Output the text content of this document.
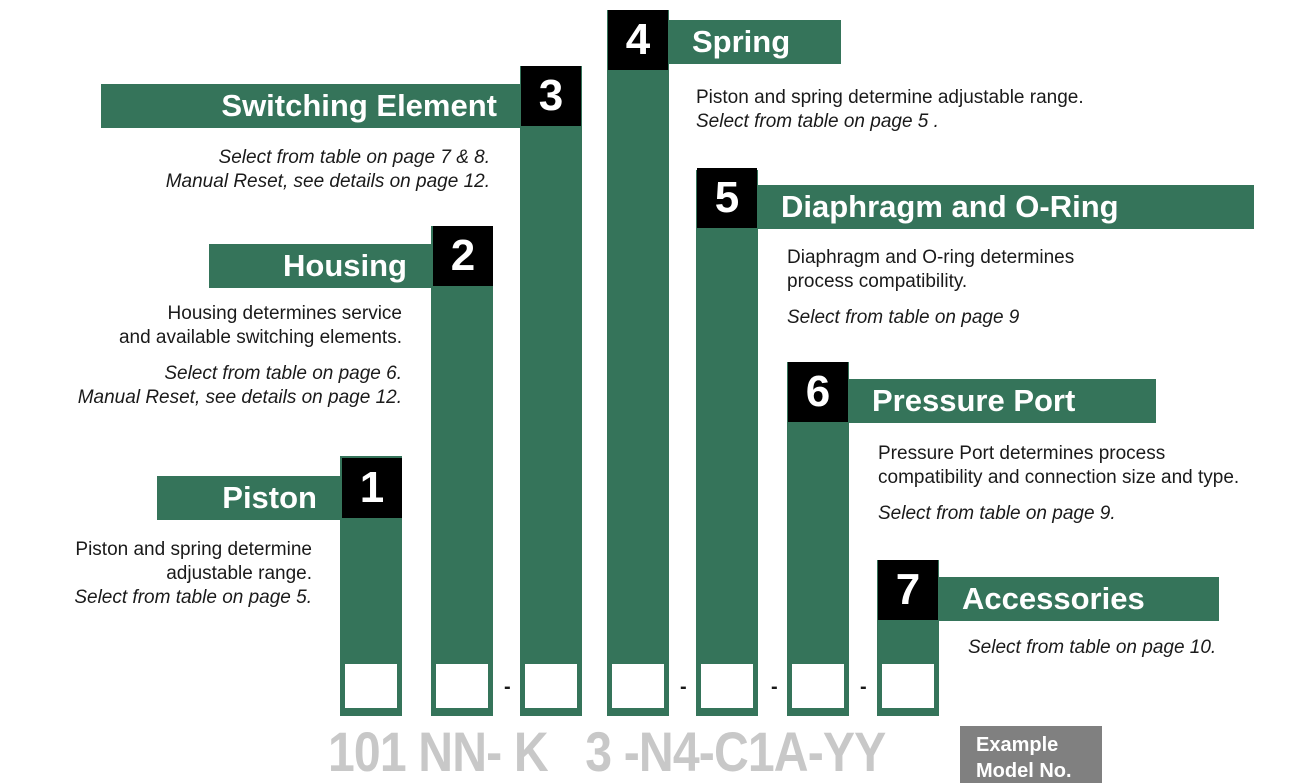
-	-	-	-
Piston 1

Piston and spring determine

adjustable range.

Select from table on page 5.

Housing 2

Housing determines service

and available switching elements.

Select from table on page 6.

Manual Reset, see details on page 12.

Switching Element 3

Select from table on page 7 & 8.

Manual Reset, see details on page 12.

4	Spring

Piston and spring determine adjustable range.

Select from table on page 5 .

5	Diaphragm and O-Ring

Diaphragm and O-ring determines

process compatibility.

Select from table on page 9

6	Pressure Port

Pressure Port determines process

compatibility and connection size and type.

Select from table on page 9.

7	Accessories

Select from table on page 10.

101 NN- K   3 -N4-C1A-YY	Example
Model No.
